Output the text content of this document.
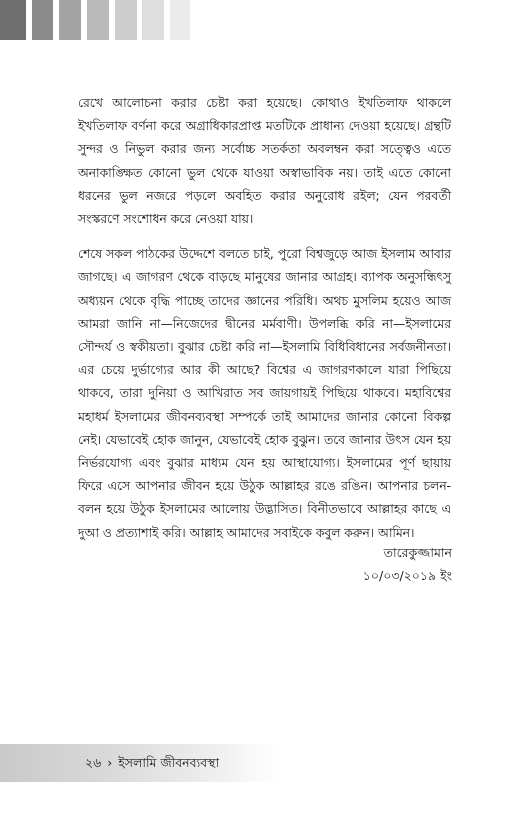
রেখে আলোচনা করার চেষ্টা করা হয়েছে। কোথাও ইখতিলাফ থাকলে ইখতিলাফ বর্ণনা করে অগ্রাধিকারপ্রাপ্ত মতটিকে প্রাধান্য দেওয়া হয়েছে। গ্রন্থটি সুন্দর ও নিভুল করার জন্য সর্বোচ্চ সতর্কতা অবলম্বন করা সত্ত্বেও এতে অনাকাঙ্ক্ষিত কোনো ভুল থেকে যাওয়া অস্বাভাবিক নয়। তাই এতে কোনো ধরনের ভুল নজরে পড়লে অবহিত করার অনুরোধ রইল; যেন পরবর্তী সংস্করণে সংশোধন করে নেওয়া যায়।

শেষে সকল পাঠকের উদ্দেশে বলতে চাই, পুরো বিশ্বজুড়ে আজ ইসলাম আবার জাগছে। এ জাগরণ থেকে বাড়ছে মানুষের জানার আগ্রহ। ব্যাপক অনুসন্ধিৎসু অধ্যয়ন থেকে বৃদ্ধি পাচ্ছে তাদের জ্ঞানের পরিধি। অথচ মুসলিম হয়েও আজ আমরা জানি না—নিজেদের দ্বীনের মর্মবাণী। উপলব্ধি করি না—ইসলামের সৌন্দর্য ও স্বকীয়তা। বুঝার চেষ্টা করি না—ইসলামি বিধিবিধানের সর্বজনীনতা। এর চেয়ে দুর্ভাগ্যের আর কী আছে? বিশ্বের এ জাগরণকালে যারা পিছিয়ে থাকবে, তারা দুনিয়া ও আখিরাত সব জায়গায়ই পিছিয়ে থাকবে। মহাবিশ্বের মহাধর্ম ইসলামের জীবনব্যবস্থা সম্পর্কে তাই আমাদের জানার কোনো বিকল্প নেই। যেভাবেই হোক জানুন, যেভাবেই হোক বুঝুন। তবে জানার উৎস যেন হয় নির্ভরযোগ্য এবং বুঝার মাধ্যম যেন হয় আস্থাযোগ্য। ইসলামের পূর্ণ ছায়ায় ফিরে এসে আপনার জীবন হয়ে উঠুক আল্লাহর রঙে রঙিন। আপনার চলন-বলন হয়ে উঠুক ইসলামের আলোয় উদ্ভাসিত। বিনীতভাবে আল্লাহর কাছে এ দুআ ও প্রত্যাশাই করি। আল্লাহ আমাদের সবাইকে কবুল করুন। আমিন।

তারেকুজ্জামান
১০/০৩/২০১৯ ইং
২৬ › ইসলামি জীবনব্যবস্থা
